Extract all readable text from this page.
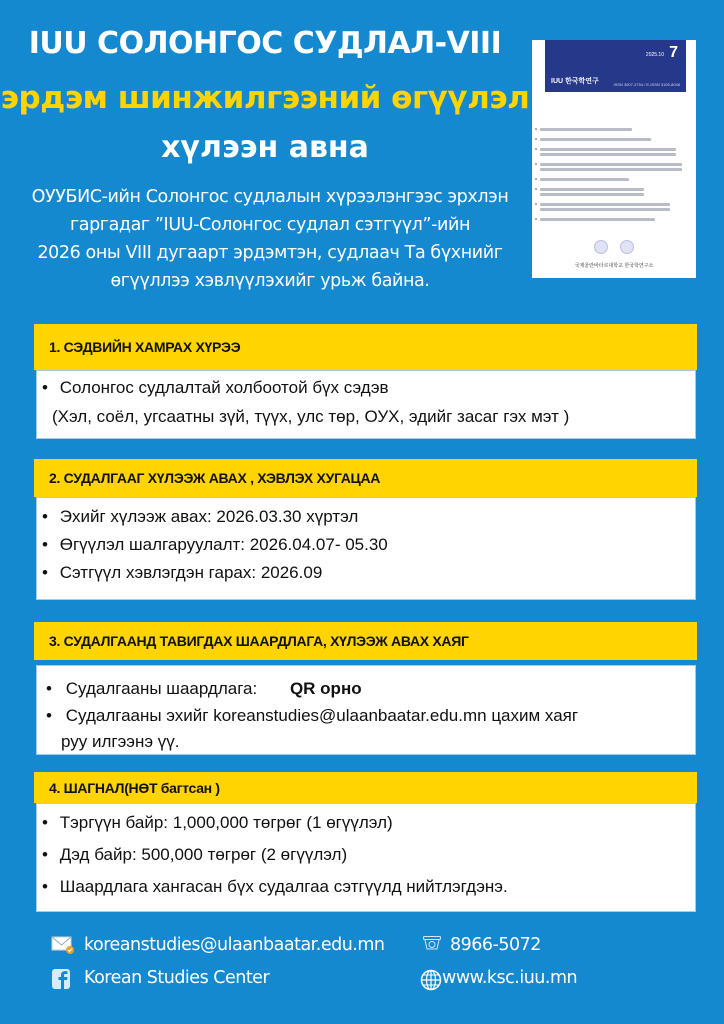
IUU СОЛОНГОС СУДЛАЛ-VIII
эрдэм шинжилгээний өгүүлэл
хүлээн авна
ОУУБИС-ийн Солонгос судлалын хүрээлэнгээс эрхлэн
гаргадаг ”IUU-Солонгос судлал сэтгүүл”-ийн
2026 оны VIII дугаарт эрдэмтэн, судлаач Та бүхнийг
өгүүллээ хэвлүүлэхийг урьж байна.
2025.10 7
IUU 한국학연구	ISSN 3007-2754 / E-ISSN 3105-8048

국제울란바타르대학교 한국학연구소
1. СЭДВИЙН ХАМРАХ ХҮРЭЭ
• Солонгос судлалтай холбоотой бүх сэдэв
(Хэл, соёл, угсаатны зүй, түүх, улс төр, ОУХ, эдийг засаг гэх мэт )
2. СУДАЛГААГ ХҮЛЭЭЖ АВАХ , ХЭВЛЭХ ХУГАЦАА
• Эхийг хүлээж авах: 2026.03.30 хүртэл
• Өгүүлэл шалгаруулалт: 2026.04.07- 05.30
• Сэтгүүл хэвлэгдэн гарах: 2026.09
3. СУДАЛГААНД ТАВИГДАХ ШААРДЛАГА, ХҮЛЭЭЖ АВАХ ХАЯГ
• Судалгааны шаардлага: QR орно
• Судалгааны эхийг koreanstudies@ulaanbaatar.edu.mn цахим хаяг
руу илгээнэ үү.
4. ШАГНАЛ(НӨТ багтсан )
• Тэргүүн байр: 1,000,000 төгрөг (1 өгүүлэл)
• Дэд байр: 500,000 төгрөг (2 өгүүлэл)
• Шаардлага хангасан бүх судалгаа сэтгүүлд нийтлэгдэнэ.
koreanstudies@ulaanbaatar.edu.mn	8966-5072
Korean Studies Center	www.ksc.iuu.mn
